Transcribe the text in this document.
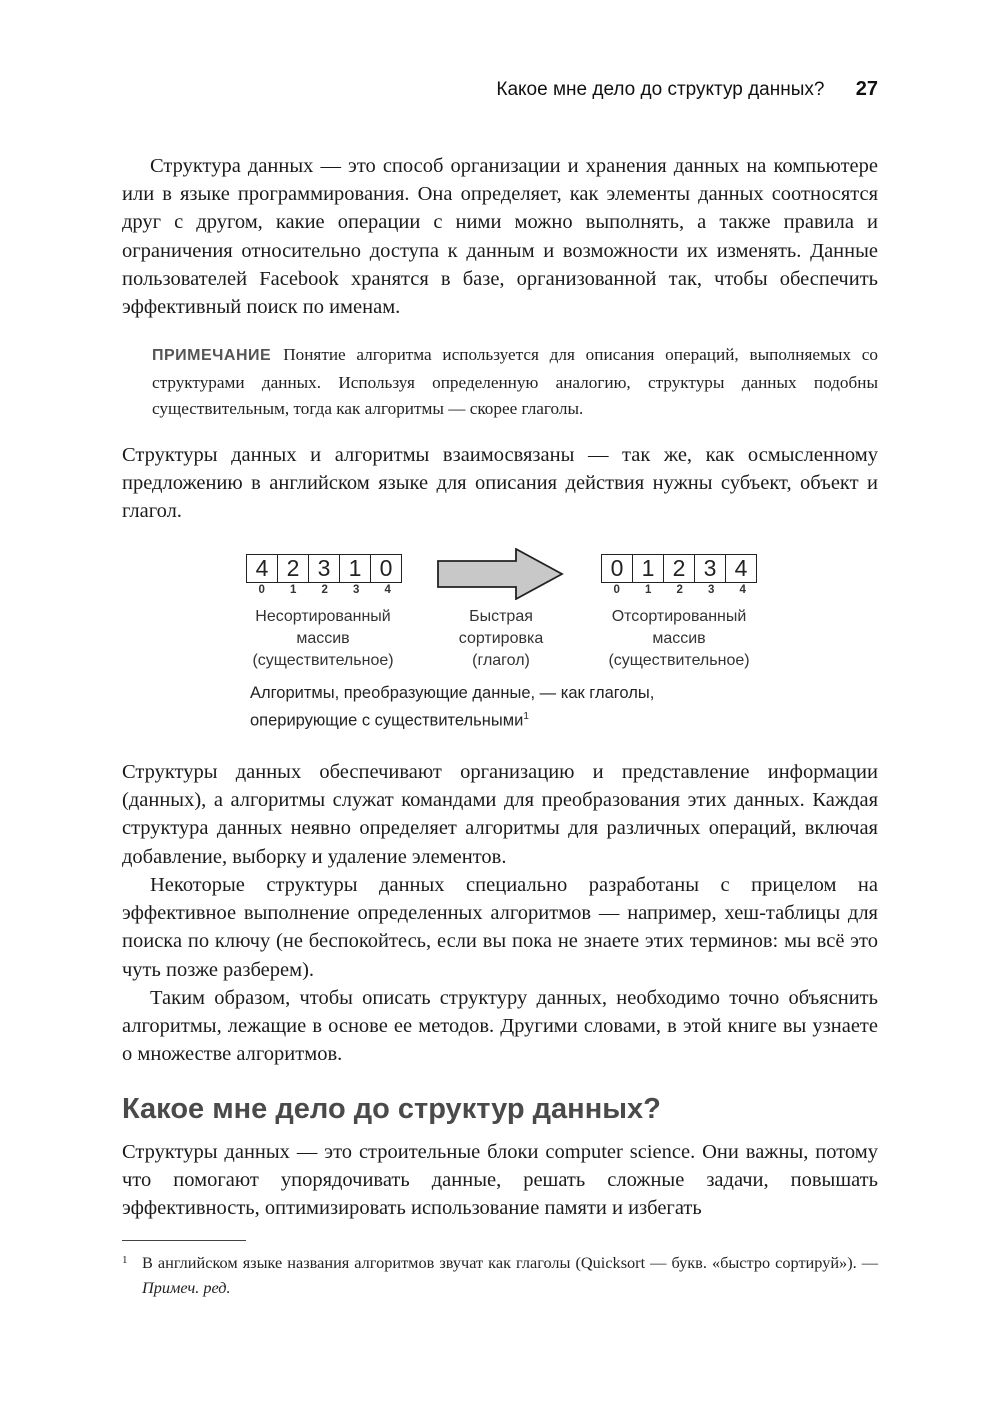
Какое мне дело до структур данных? 27

Структура данных — это способ организации и хранения данных на компьютере или в языке программирования. Она определяет, как элементы данных соотносятся друг с другом, какие операции с ними можно выполнять, а также правила и ограничения относительно доступа к данным и возможности их изменять. Данные пользователей Facebook хранятся в базе, организованной так, чтобы обеспечить эффективный поиск по именам.

ПРИМЕЧАНИЕ Понятие алгоритма используется для описания операций, выполняемых со структурами данных. Используя определенную аналогию, структуры данных подобны существительным, тогда как алгоритмы — скорее глаголы.

Структуры данных и алгоритмы взаимосвязаны — так же, как осмысленному предложению в английском языке для описания действия нужны субъект, объект и глагол.

4 2 3 1 0
0	1	2	3	4
Несортированный
массив
(существительное)
Быстрая
сортировка
(глагол)
0 1 2 3 4
0	1	2	3	4
Отсортированный
массив
(существительное)
Алгоритмы, преобразующие данные, — как глаголы,
оперирующие с существительными$^1$

Структуры данных обеспечивают организацию и представление информации (данных), а алгоритмы служат командами для преобразования этих данных. Каждая структура данных неявно определяет алгоритмы для различных операций, включая добавление, выборку и удаление элементов.

Некоторые структуры данных специально разработаны с прицелом на эффективное выполнение определенных алгоритмов — например, хеш-таблицы для поиска по ключу (не беспокойтесь, если вы пока не знаете этих терминов: мы всё это чуть позже разберем).

Таким образом, чтобы описать структуру данных, необходимо точно объяснить алгоритмы, лежащие в основе ее методов. Другими словами, в этой книге вы узнаете о множестве алгоритмов.

Какое мне дело до структур данных?

Структуры данных — это строительные блоки computer science. Они важны, потому что помогают упорядочивать данные, решать сложные задачи, повышать эффективность, оптимизировать использование памяти и избегать

1 В английском языке названия алгоритмов звучат как глаголы (Quicksort — букв. «быстро сортируй»). — Примеч. ред.
